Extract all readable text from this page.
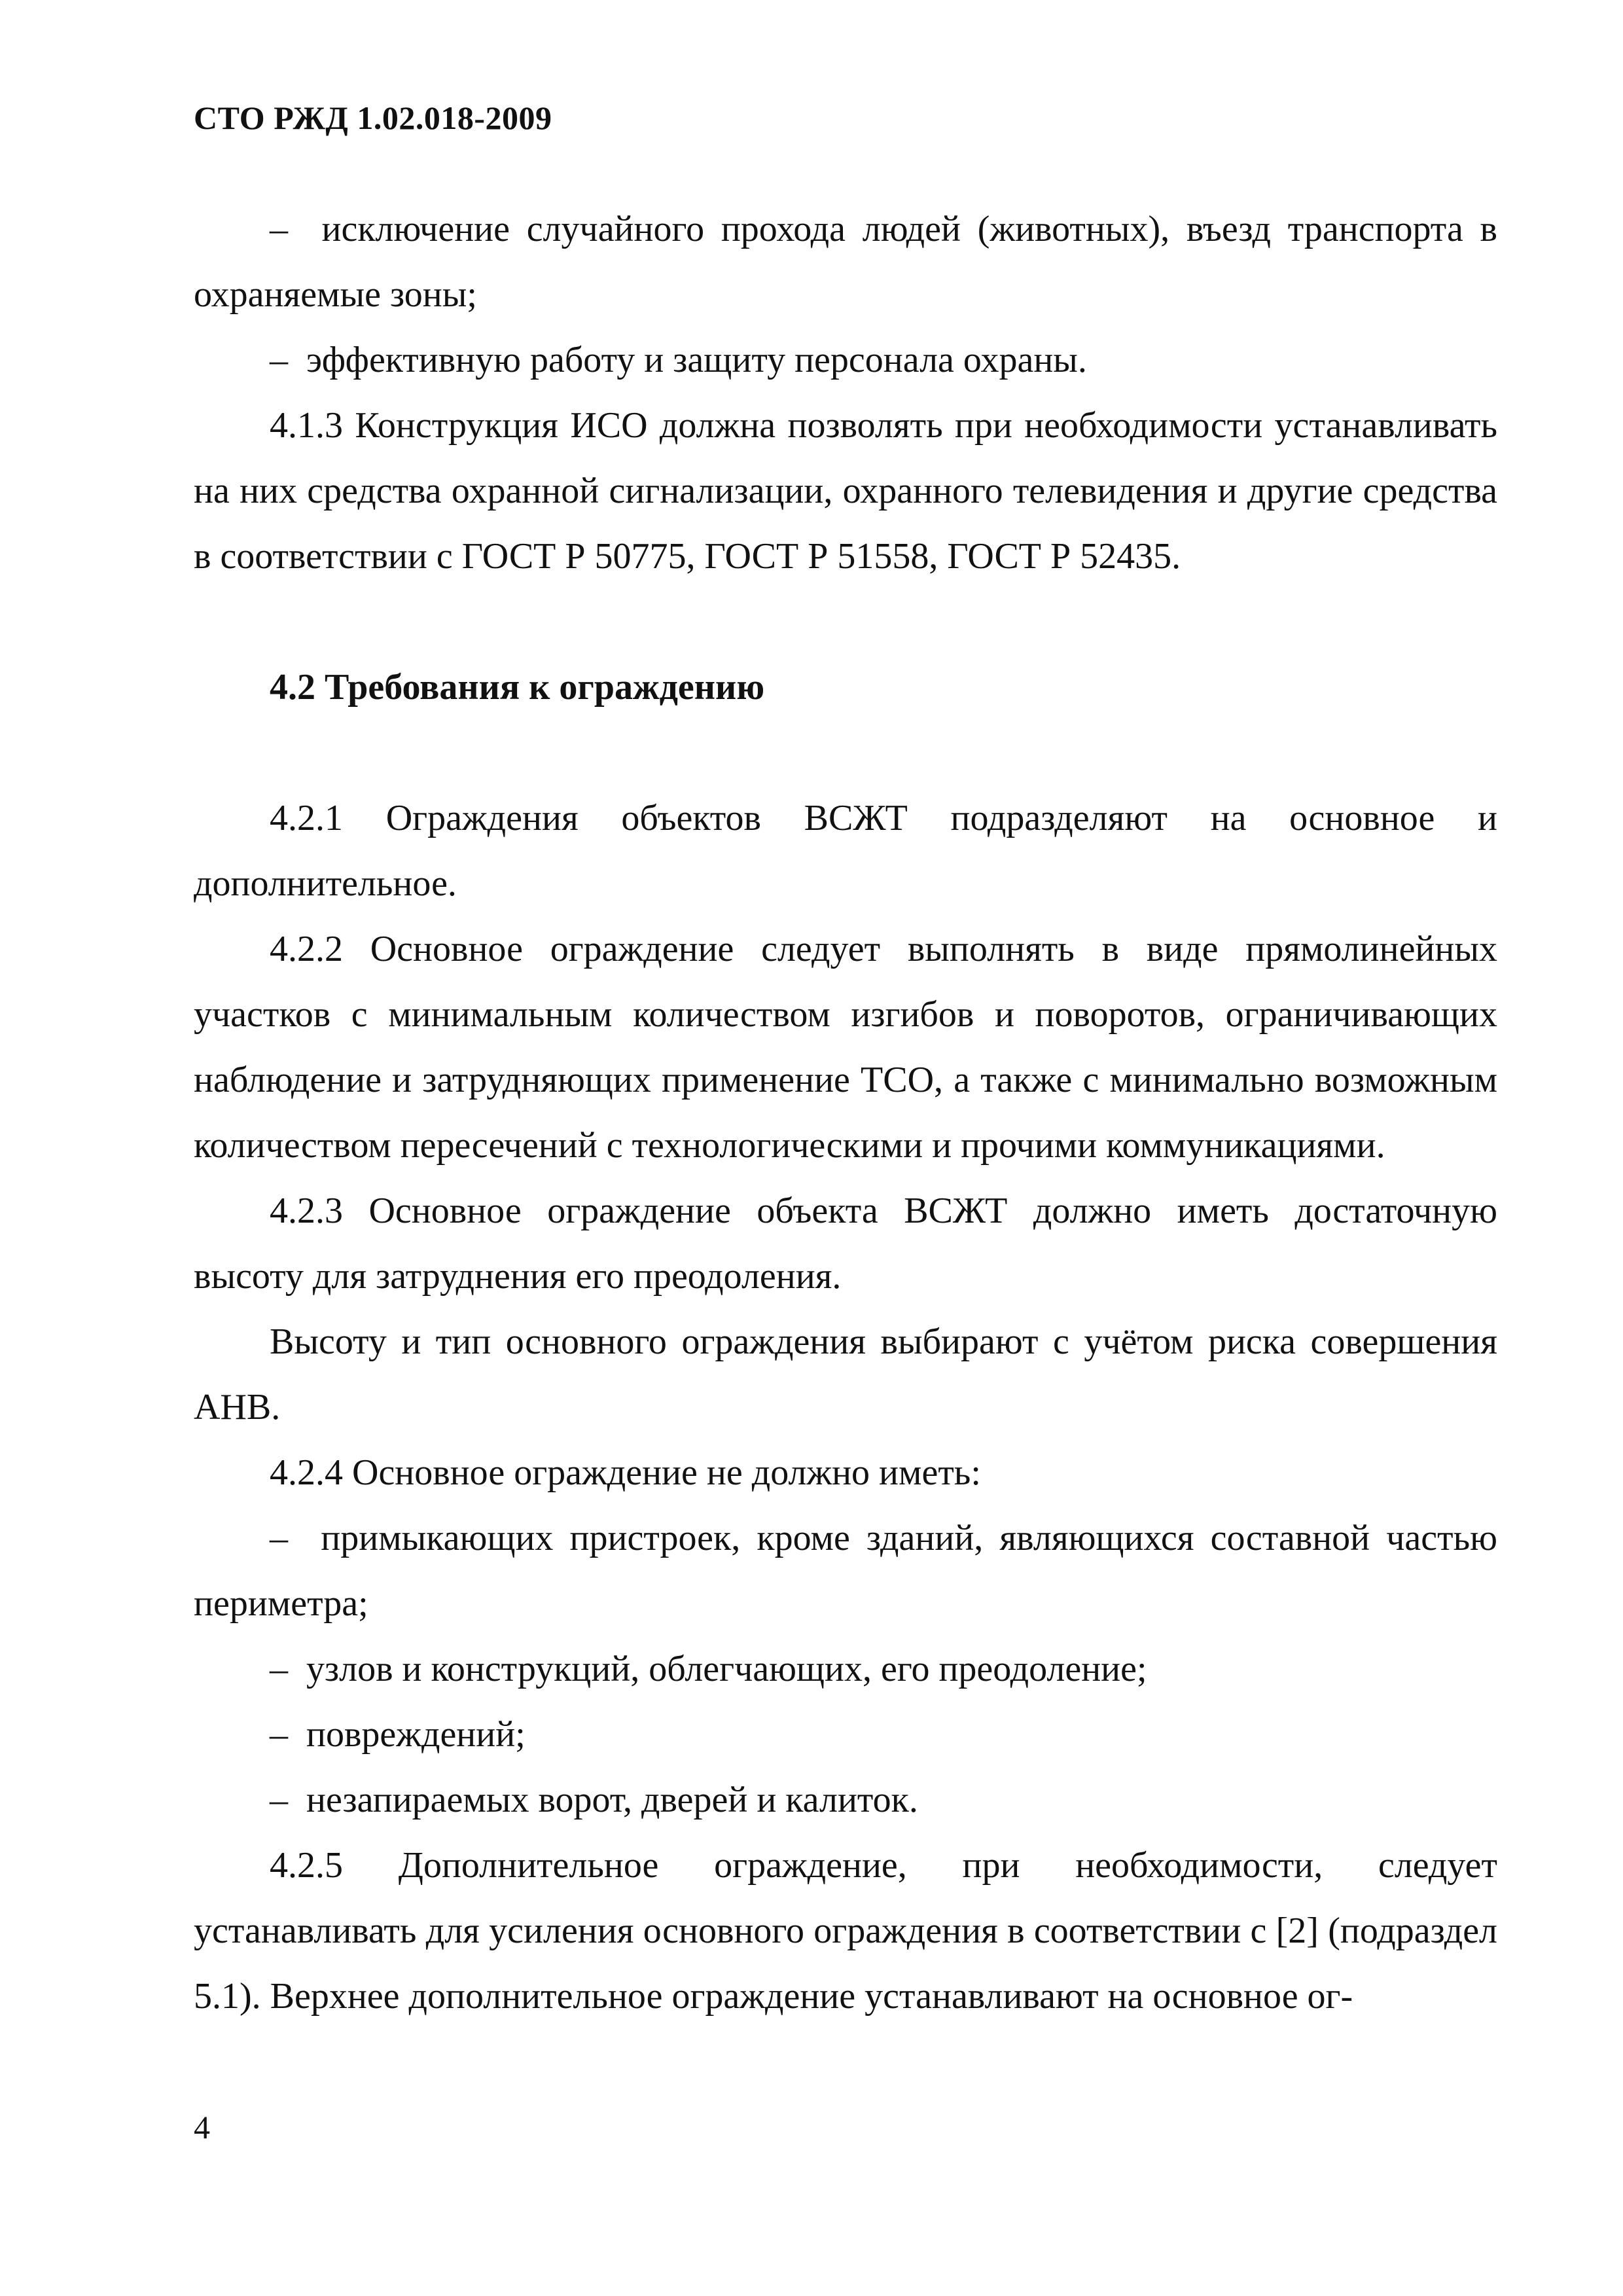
СТО РЖД 1.02.018-2009

–  исключение случайного прохода людей (животных), въезд транспорта в охраняемые зоны;

–  эффективную работу и защиту персонала охраны.

4.1.3 Конструкция ИСО должна позволять при необходимости устанавливать на них средства охранной сигнализации, охранного телевидения и другие средства в соответствии с ГОСТ Р 50775, ГОСТ Р 51558, ГОСТ Р 52435.

4.2 Требования к ограждению

4.2.1 Ограждения объектов ВСЖТ подразделяют на основное и дополнительное.

4.2.2 Основное ограждение следует выполнять в виде прямолинейных участков с минимальным количеством изгибов и поворотов, ограничивающих наблюдение и затрудняющих применение ТСО, а также с минимально возможным количеством пересечений с технологическими и прочими коммуникациями.

4.2.3 Основное ограждение объекта ВСЖТ должно иметь достаточную высоту для затруднения его преодоления.

Высоту и тип основного ограждения выбирают с учётом риска совершения АНВ.

4.2.4 Основное ограждение не должно иметь:

–  примыкающих пристроек, кроме зданий, являющихся составной частью периметра;

–  узлов и конструкций, облегчающих, его преодоление;

–  повреждений;

–  незапираемых ворот, дверей и калиток.

4.2.5 Дополнительное ограждение, при необходимости, следует устанавливать для усиления основного ограждения в соответствии с [2] (подраздел 5.1). Верхнее дополнительное ограждение устанавливают на основное ог-

4
